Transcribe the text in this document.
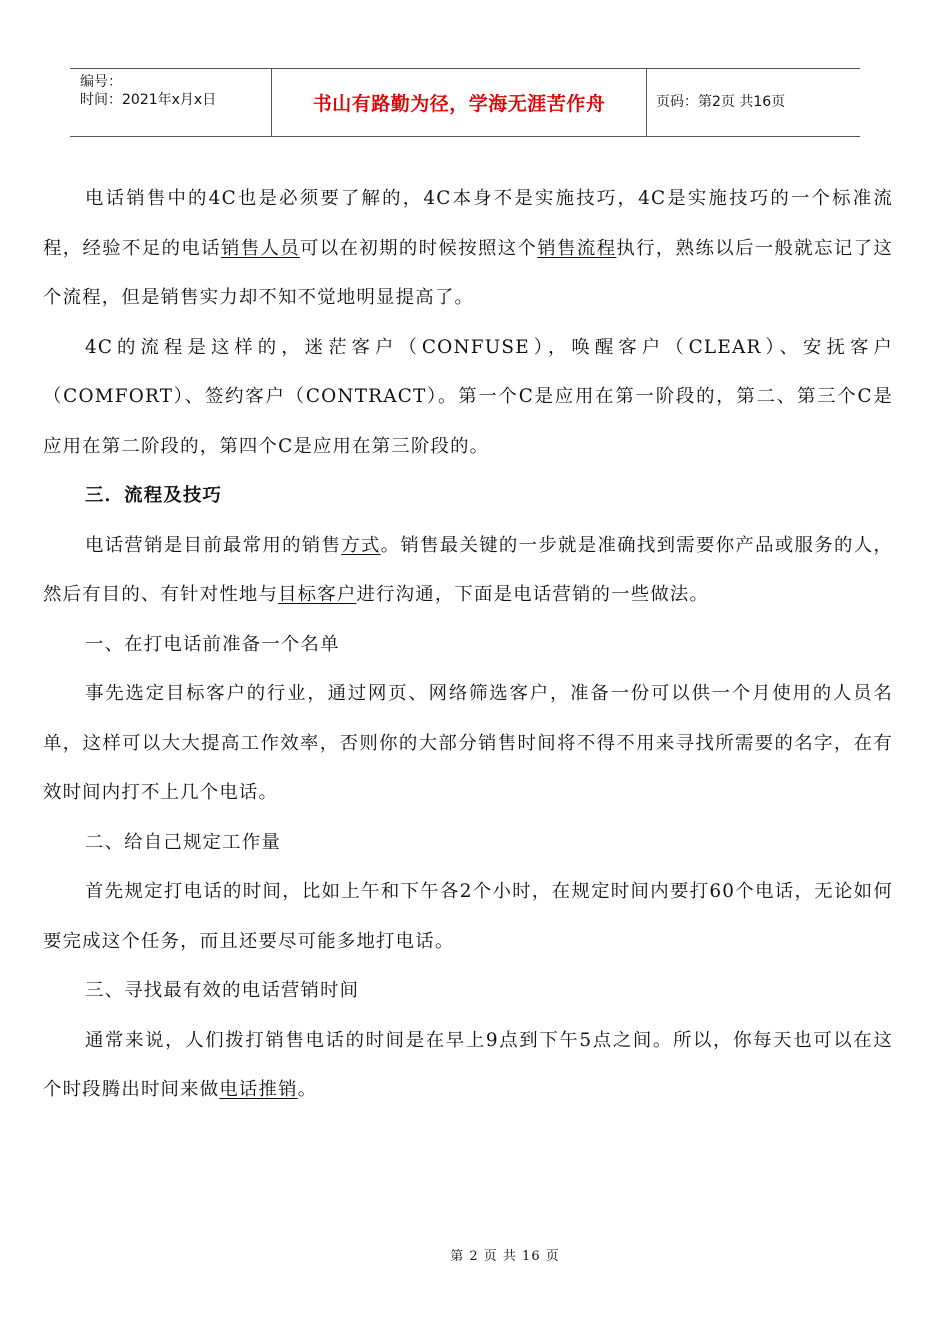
编号：
时间：2021年x月x日	书山有路勤为径，学海无涯苦作舟	页码：第2页 共16页

电话销售中的4C也是必须要了解的，4C本身不是实施技巧，4C是实施技巧的一个标准流程，经验不足的电话销售人员可以在初期的时候按照这个销售流程执行，熟练以后一般就忘记了这个流程，但是销售实力却不知不觉地明显提高了。

4C的流程是这样的，迷茫客户（CONFUSE），唤醒客户（CLEAR）、安抚客户（COMFORT）、签约客户（CONTRACT）。第一个C是应用在第一阶段的，第二、第三个C是应用在第二阶段的，第四个C是应用在第三阶段的。

三．流程及技巧

电话营销是目前最常用的销售方式。销售最关键的一步就是准确找到需要你产品或服务的人，然后有目的、有针对性地与目标客户进行沟通，下面是电话营销的一些做法。

一、在打电话前准备一个名单

事先选定目标客户的行业，通过网页、网络筛选客户，准备一份可以供一个月使用的人员名单，这样可以大大提高工作效率，否则你的大部分销售时间将不得不用来寻找所需要的名字，在有效时间内打不上几个电话。

二、给自己规定工作量

首先规定打电话的时间，比如上午和下午各2个小时，在规定时间内要打60个电话，无论如何要完成这个任务，而且还要尽可能多地打电话。

三、寻找最有效的电话营销时间

通常来说，人们拨打销售电话的时间是在早上9点到下午5点之间。所以，你每天也可以在这个时段腾出时间来做电话推销。

第 2 页 共 16 页
